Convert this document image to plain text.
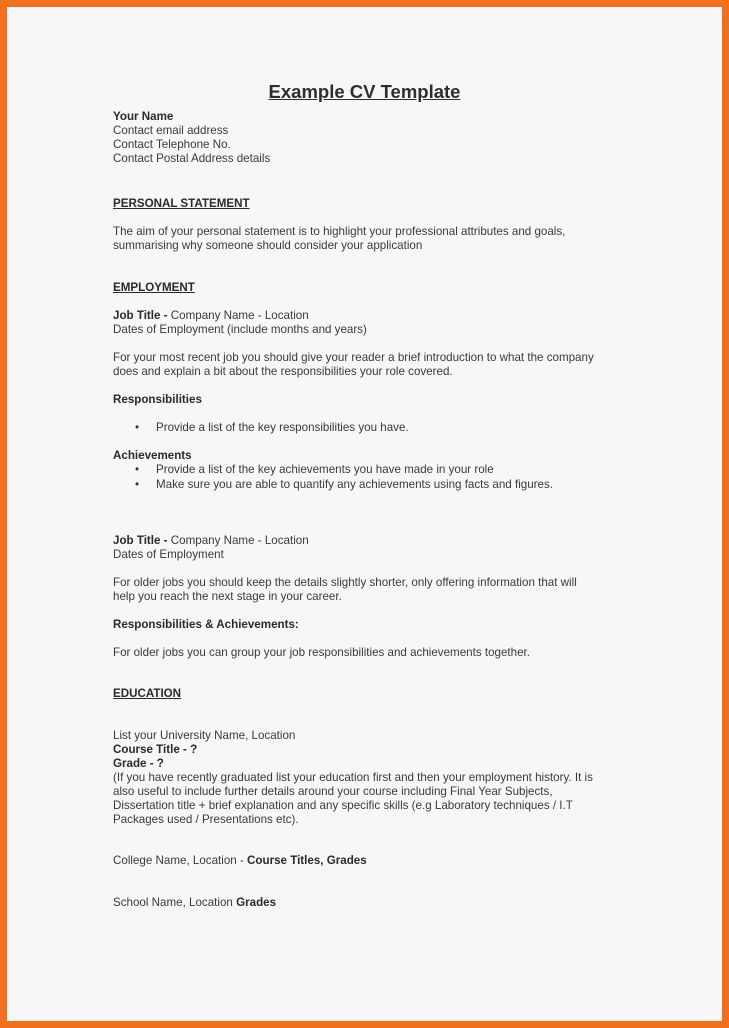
Example CV Template
Your Name
Contact email address
Contact Telephone No.
Contact Postal Address details
PERSONAL STATEMENT
The aim of your personal statement is to highlight your professional attributes and goals,
summarising why someone should consider your application
EMPLOYMENT
Job Title - Company Name - Location
Dates of Employment (include months and years)
For your most recent job you should give your reader a brief introduction to what the company
does and explain a bit about the responsibilities your role covered.
Responsibilities
• Provide a list of the key responsibilities you have.
Achievements
• Provide a list of the key achievements you have made in your role
• Make sure you are able to quantify any achievements using facts and figures.
Job Title - Company Name - Location
Dates of Employment
For older jobs you should keep the details slightly shorter, only offering information that will
help you reach the next stage in your career.
Responsibilities & Achievements:
For older jobs you can group your job responsibilities and achievements together.
EDUCATION
List your University Name, Location
Course Title - ?
Grade - ?
(If you have recently graduated list your education first and then your employment history. It is
also useful to include further details around your course including Final Year Subjects,
Dissertation title + brief explanation and any specific skills (e.g Laboratory techniques / I.T
Packages used / Presentations etc).
College Name, Location - Course Titles, Grades
School Name, Location Grades
